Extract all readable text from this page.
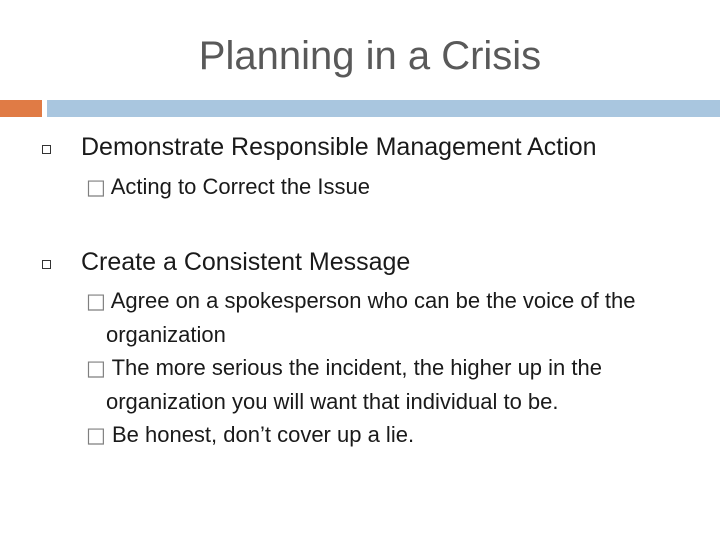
Planning in a Crisis
Demonstrate Responsible Management Action
□ Acting to Correct the Issue
Create a Consistent Message
□ Agree on a spokesperson who can be the voice of the organization
□ The more serious the incident, the higher up in the organization you will want that individual to be.
□ Be honest, don’t cover up a lie.
